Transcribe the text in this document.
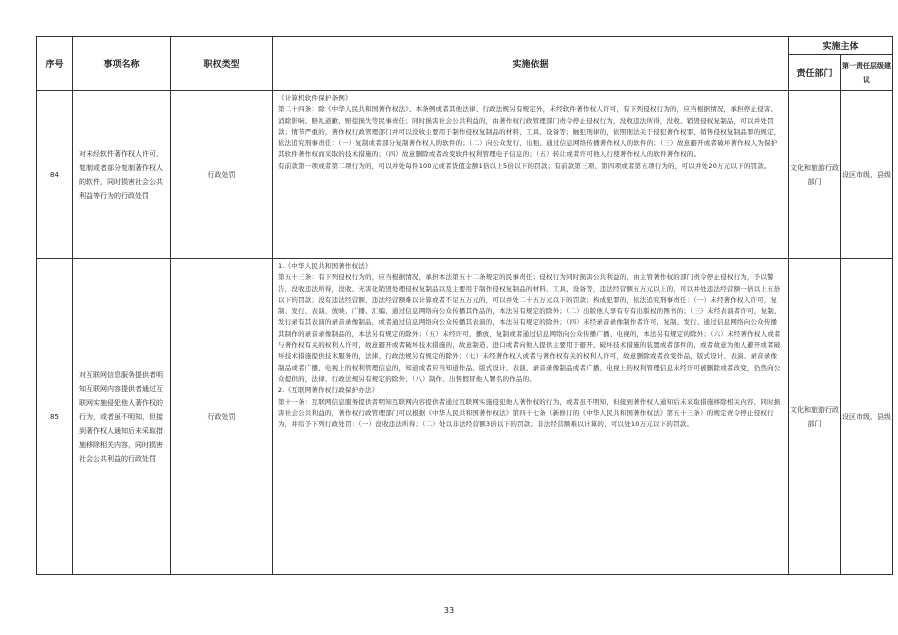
序号	事项名称	职权类型	实施依据	实施主体	
				责任部门	第一责任层级建议
84	对未经软件著作权人许可，复制或者部分复制著作权人的软件，同时损害社会公共利益等行为的行政处罚	行政处罚	《计算机软件保护条例》

第二十四条：除《中华人民共和国著作权法》、本条例或者其他法律、行政法规另有规定外，未经软件著作权人许可，有下列侵权行为的，应当根据情况，承担停止侵害、消除影响、赔礼道歉、赔偿损失等民事责任；同时损害社会公共利益的，由著作权行政管理部门责令停止侵权行为，没收违法所得，没收、销毁侵权复制品，可以并处罚款；情节严重的，著作权行政管理部门并可以没收主要用于制作侵权复制品的材料、工具、设备等；触犯刑律的，依照刑法关于侵犯著作权罪、销售侵权复制品罪的规定，依法追究刑事责任：（一）复制或者部分复制著作权人的软件的；（二）向公众发行、出租、通过信息网络传播著作权人的软件的；（三）故意避开或者破坏著作权人为保护其软件著作权而采取的技术措施的；（四）故意删除或者改变软件权利管理电子信息的；（五）转让或者许可他人行使著作权人的软件著作权的。

有前款第一项或者第二项行为的，可以并处每件100元或者货值金额1倍以上5倍以下的罚款；有前款第三项、第四项或者第五项行为的，可以并处20万元以下的罚款。	文化和旅游行政部门	设区市级、县级
85	对互联网信息服务提供者明知互联网内容提供者通过互联网实施侵犯他人著作权的行为，或者虽不明知，但接到著作权人通知后未采取措施移除相关内容，同时损害社会公共利益的行政处罚	行政处罚	1.《中华人民共和国著作权法》

第五十三条：有下列侵权行为的，应当根据情况，承担本法第五十二条规定的民事责任；侵权行为同时损害公共利益的，由主管著作权的部门责令停止侵权行为，予以警告，没收违法所得，没收、无害化销毁处理侵权复制品以及主要用于制作侵权复制品的材料、工具、设备等，违法经营额五万元以上的，可以并处违法经营额一倍以上五倍以下的罚款；没有违法经营额、违法经营额难以计算或者不足五万元的，可以并处二十五万元以下的罚款；构成犯罪的，依法追究刑事责任：（一）未经著作权人许可，复制、发行、表演、放映、广播、汇编、通过信息网络向公众传播其作品的，本法另有规定的除外；（二）出版他人享有专有出版权的图书的；（三）未经表演者许可，复制、发行录有其表演的录音录像制品，或者通过信息网络向公众传播其表演的，本法另有规定的除外；（四）未经录音录像制作者许可，复制、发行、通过信息网络向公众传播其制作的录音录像制品的，本法另有规定的除外；（五）未经许可，播放、复制或者通过信息网络向公众传播广播、电视的，本法另有规定的除外；（六）未经著作权人或者与著作权有关的权利人许可，故意避开或者破坏技术措施的，故意制造、进口或者向他人提供主要用于避开、破坏技术措施的装置或者部件的，或者故意为他人避开或者破坏技术措施提供技术服务的，法律、行政法规另有规定的除外；（七）未经著作权人或者与著作权有关的权利人许可，故意删除或者改变作品、版式设计、表演、录音录像制品或者广播、电视上的权利管理信息的，知道或者应当知道作品、版式设计、表演、录音录像制品或者广播、电视上的权利管理信息未经许可被删除或者改变，仍然向公众提供的，法律、行政法规另有规定的除外；（八）制作、出售假冒他人署名的作品的。

2.《互联网著作权行政保护办法》

第十一条：互联网信息服务提供者明知互联网内容提供者通过互联网实施侵犯他人著作权的行为，或者虽不明知，但接到著作权人通知后未采取措施移除相关内容，同时损害社会公共利益的，著作权行政管理部门可以根据《中华人民共和国著作权法》第四十七条（新修订的《中华人民共和国著作权法》第五十三条）的规定责令停止侵权行为，并给予下列行政处罚：（一）没收违法所得；（二）处以非法经营额3倍以下的罚款；非法经营额难以计算的，可以处10万元以下的罚款。	文化和旅游行政部门	设区市级、县级
33
